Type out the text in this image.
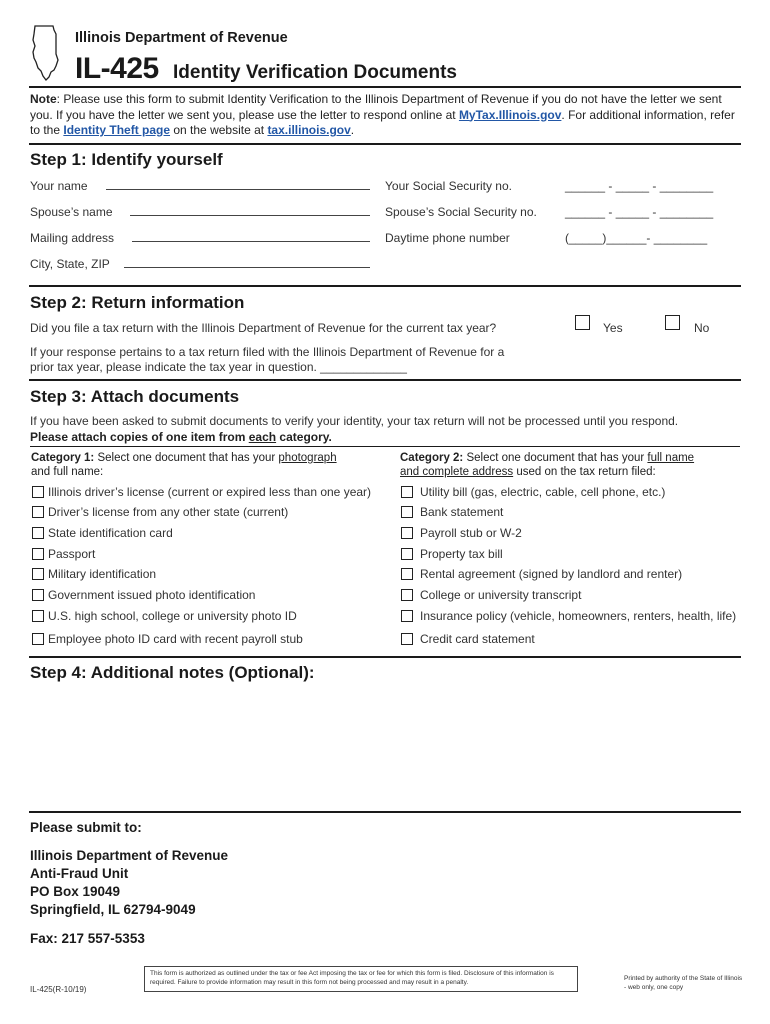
Illinois Department of Revenue
IL-425 Identity Verification Documents
Note: Please use this form to submit Identity Verification to the Illinois Department of Revenue if you do not have the letter we sent you. If you have the letter we sent you, please use the letter to respond online at MyTax.Illinois.gov. For additional information, refer to the Identity Theft page on the website at tax.illinois.gov.
Step 1: Identify yourself
Your name
Spouse’s name
Mailing address
City, State, ZIP
Your Social Security no.	______ - _____ - ________
Spouse’s Social Security no. ______ - _____ - ________
Daytime phone number	(_____)______- ________
Step 2: Return information
Did you file a tax return with the Illinois Department of Revenue for the current tax year?	Yes	No
If your response pertains to a tax return filed with the Illinois Department of Revenue for a
prior tax year, please indicate the tax year in question. _____________
Step 3: Attach documents
If you have been asked to submit documents to verify your identity, your tax return will not be processed until you respond.
Please attach copies of one item from each category.
Category 1: Select one document that has your photograph
and full name:
Category 2: Select one document that has your full name
and complete address used on the tax return filed:
Illinois driver’s license (current or expired less than one year)
Driver’s license from any other state (current)
State identification card
Passport
Military identification
Government issued photo identification
U.S. high school, college or university photo ID
Employee photo ID card with recent payroll stub
Utility bill (gas, electric, cable, cell phone, etc.)
Bank statement
Payroll stub or W-2
Property tax bill
Rental agreement (signed by landlord and renter)
College or university transcript
Insurance policy (vehicle, homeowners, renters, health, life)
Credit card statement
Step 4: Additional notes (Optional):
Please submit to:
Illinois Department of Revenue
Anti-Fraud Unit
PO Box 19049
Springfield, IL 62794-9049
Fax: 217 557-5353
IL-425(R-10/19)
This form is authorized as outlined under the tax or fee Act imposing the tax or fee for which this form is filed. Disclosure of this information is required. Failure to provide information may result in this form not being processed and may result in a penalty.
Printed by authority of the State of Illinois - web only, one copy
